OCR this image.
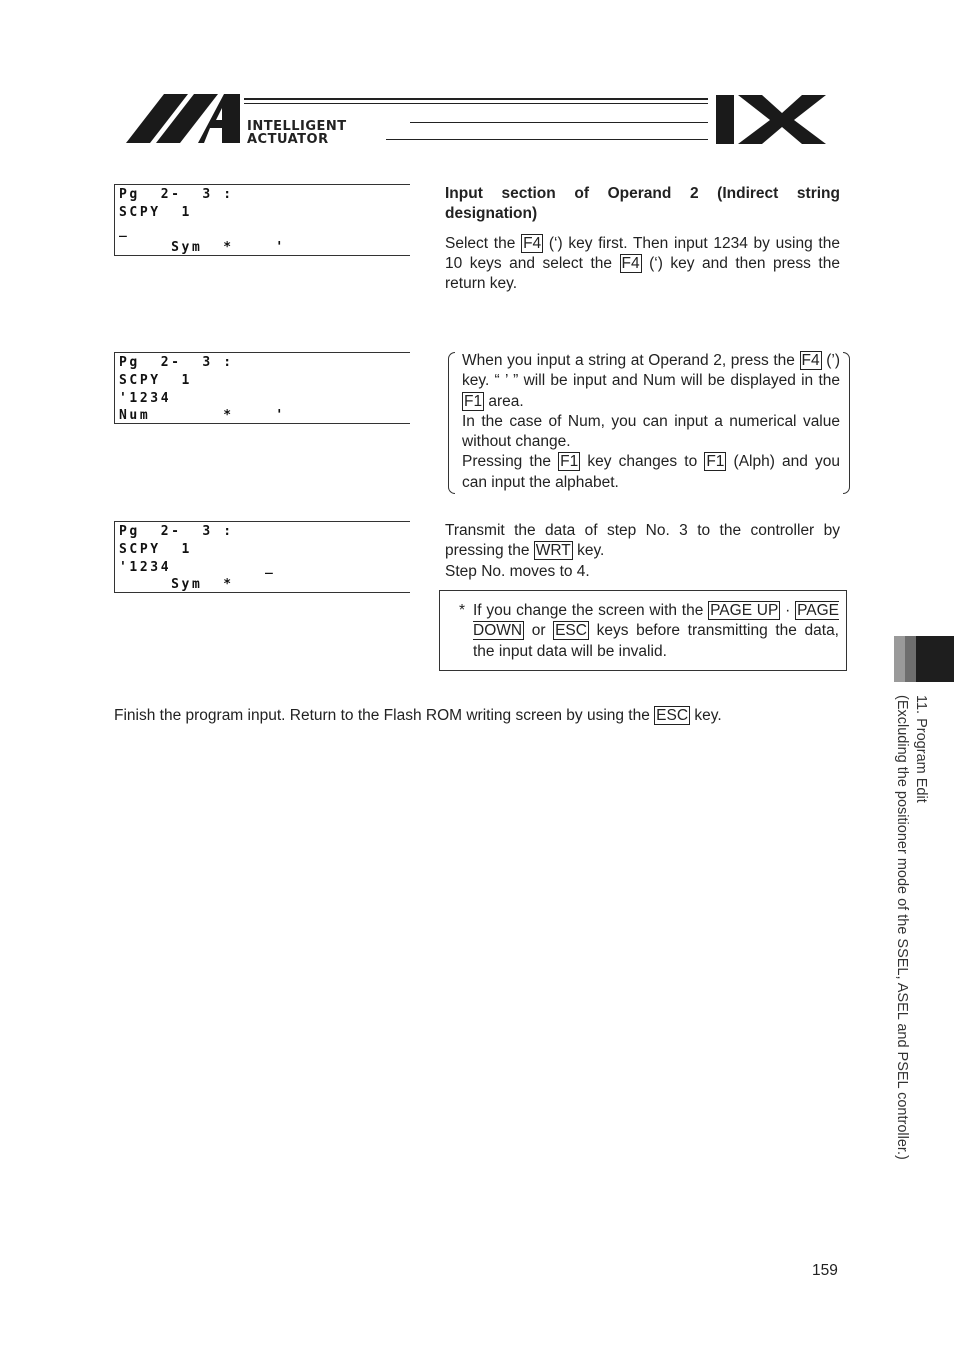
INTELLIGENT
ACTUATOR
Pg  2-  3 :
SCPY  1
_
Sym  *    '
Pg  2-  3 :
SCPY  1
'1234
Num       *    '
Pg  2-  3 :
SCPY  1
'1234         _
Sym  *

Input section of Operand 2 (Indirect string designation)

Select the F4 (‘) key first. Then input 1234 by using the 10 keys and select the F4 (‘) key and then press the return key.

When you input a string at Operand 2, press the F4 (’) key. “ ’ ” will be input and Num will be displayed in the F1 area.

In the case of Num, you can input a numerical value without change.

Pressing the F1 key changes to F1 (Alph) and you can input the alphabet.

Transmit the data of step No. 3 to the controller by pressing the WRT key.

Step No. moves to 4.

* If you change the screen with the PAGE UP · PAGE DOWN or ESC keys before transmitting the data, the input data will be invalid.

Finish the program input. Return to the Flash ROM writing screen by using the ESC key.	11. Program Edit
(Excluding the positioner mode of the SSEL, ASEL and PSEL controller.)
159
